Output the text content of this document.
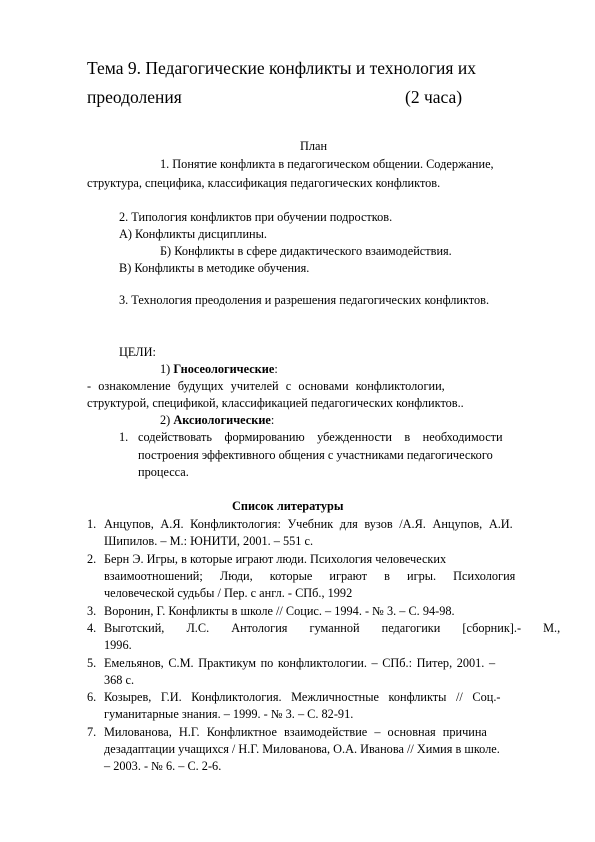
Тема 9. Педагогические конфликты и технология их
преодоления	(2 часа)
План
1. Понятие конфликта в педагогическом общении. Содержание,
структура, специфика, классификация педагогических конфликтов.
2. Типология конфликтов при обучении подростков.
А) Конфликты дисциплины.
Б) Конфликты в сфере дидактического взаимодействия.
В) Конфликты в методике обучения.
3. Технология преодоления и разрешения педагогических конфликтов.
ЦЕЛИ:
1) Гносеологические:
- ознакомление будущих учителей с основами конфликтологии,
структурой, спецификой, классификацией педагогических конфликтов..
2) Аксиологические:
1. содействовать формированию убежденности в необходимости
построения эффективного общения с участниками педагогического
процесса.
Список литературы
1. Анцупов, А.Я. Конфликтология: Учебник для вузов /А.Я. Анцупов, А.И.
Шипилов. – М.: ЮНИТИ, 2001. – 551 с.
2. Берн Э. Игры, в которые играют люди. Психология человеческих
взаимоотношений; Люди, которые играют в игры. Психология
человеческой судьбы / Пер. с англ. - СПб., 1992
3. Воронин, Г. Конфликты в школе // Социс. – 1994. - № 3. – С. 94-98.
4. Выготский, Л.С. Антология гуманной педагогики [сборник].- М.,
1996.
5. Емельянов, С.М. Практикум по конфликтологии. – СПб.: Питер, 2001. –
368 с.
6. Козырев, Г.И. Конфликтология. Межличностные конфликты // Соц.-
гуманитарные знания. – 1999. - № 3. – С. 82-91.
7. Милованова, Н.Г. Конфликтное взаимодействие – основная причина
дезадаптации учащихся / Н.Г. Милованова, О.А. Иванова // Химия в школе.
– 2003. - № 6. – С. 2-6.
